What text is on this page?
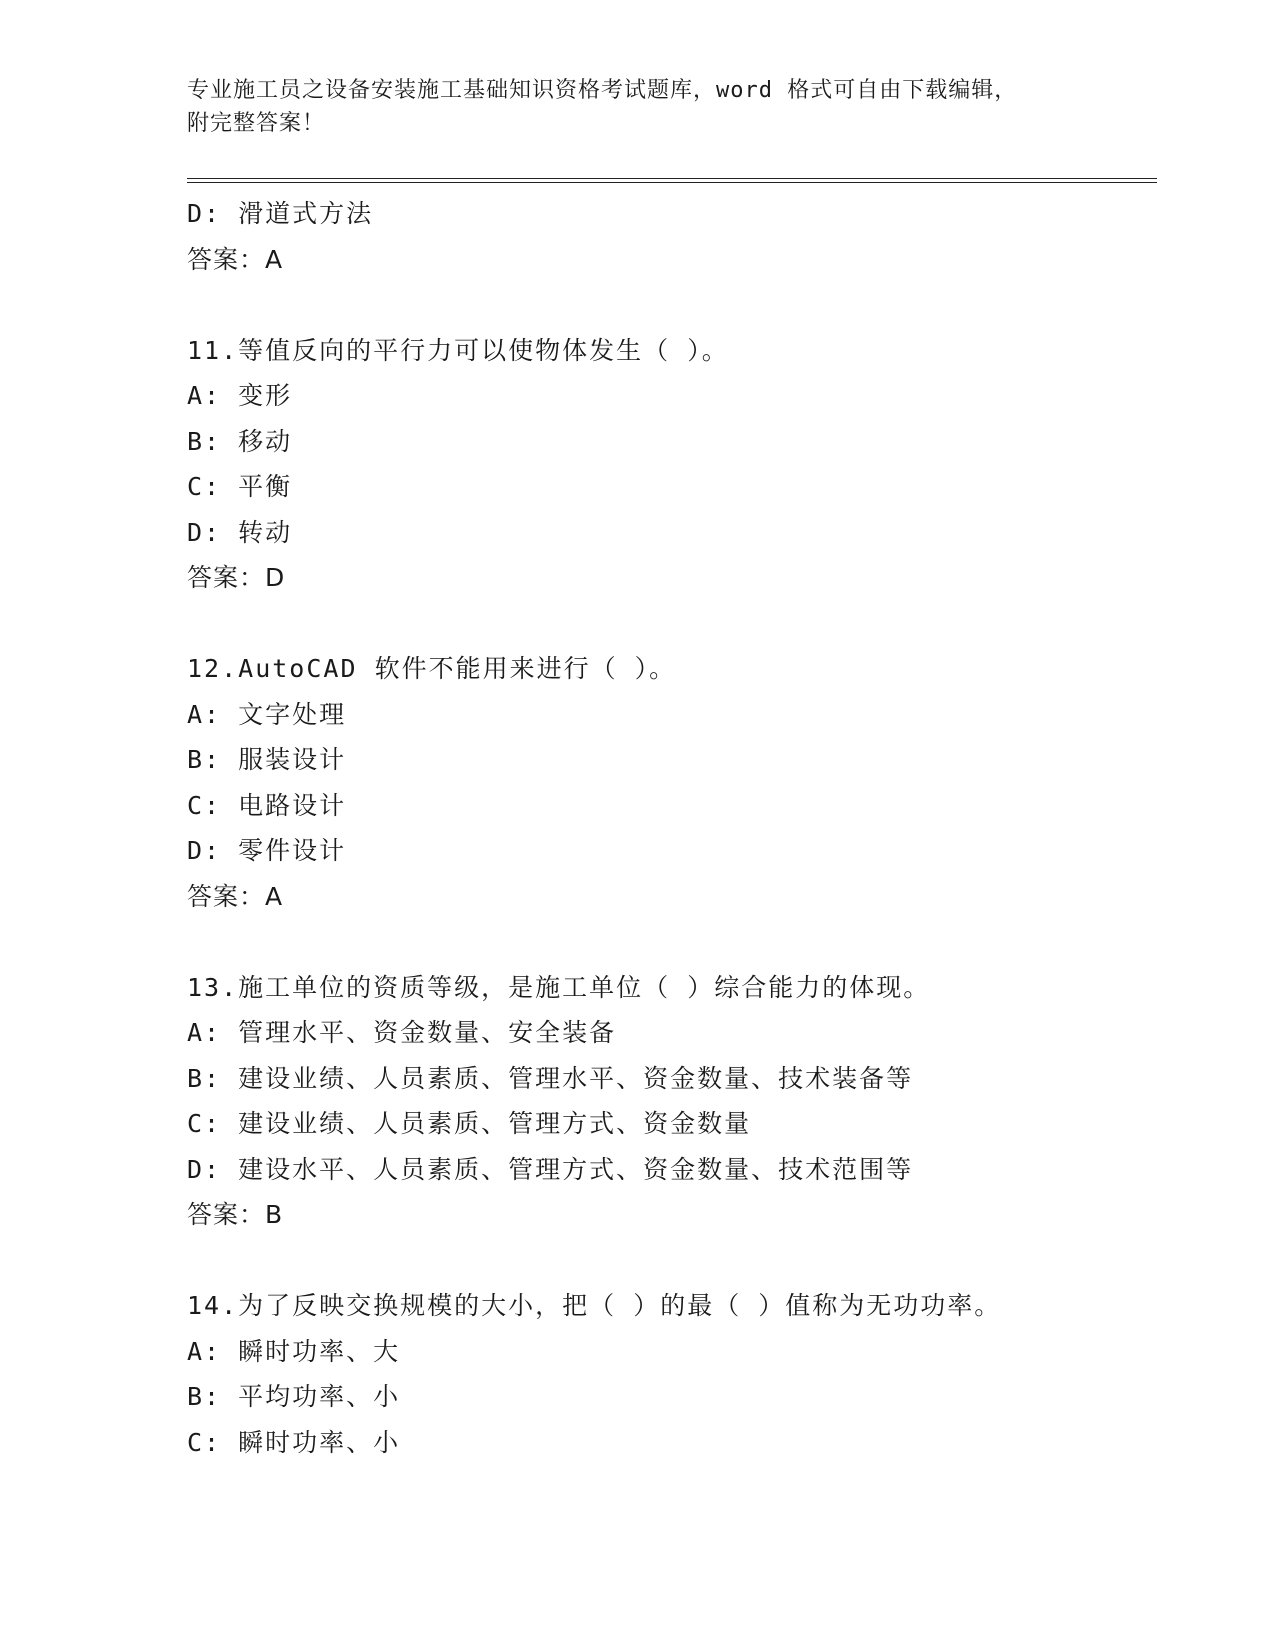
专业施工员之设备安装施工基础知识资格考试题库，word 格式可自由下载编辑，
附完整答案！
D: 滑道式方法
答案：A
11.等值反向的平行力可以使物体发生（ ）。
A: 变形
B: 移动
C: 平衡
D: 转动
答案：D
12.AutoCAD 软件不能用来进行（ ）。
A: 文字处理
B: 服装设计
C: 电路设计
D: 零件设计
答案：A
13.施工单位的资质等级，是施工单位（ ）综合能力的体现。
A: 管理水平、资金数量、安全装备
B: 建设业绩、人员素质、管理水平、资金数量、技术装备等
C: 建设业绩、人员素质、管理方式、资金数量
D: 建设水平、人员素质、管理方式、资金数量、技术范围等
答案：B
14.为了反映交换规模的大小，把（ ）的最（ ）值称为无功功率。
A: 瞬时功率、大
B: 平均功率、小
C: 瞬时功率、小
